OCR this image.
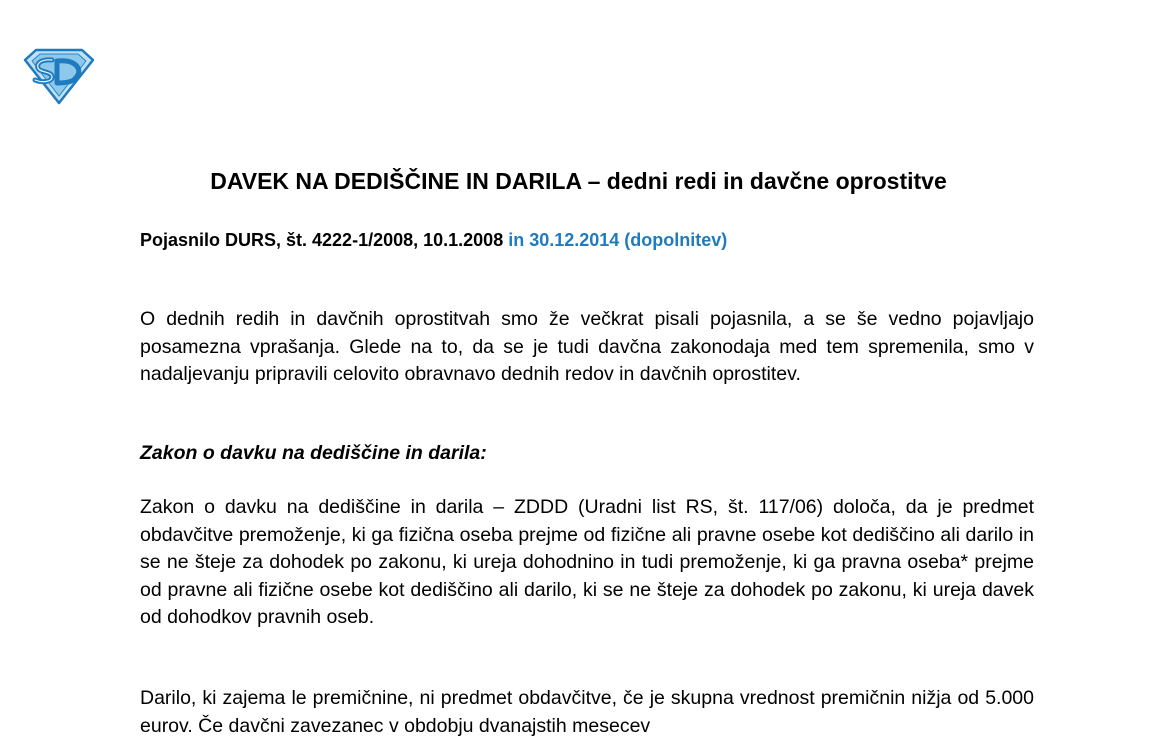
DAVEK NA DEDIŠČINE IN DARILA – dedni redi in davčne oprostitve
Pojasnilo DURS, št. 4222-1/2008, 10.1.2008 in 30.12.2014 (dopolnitev)

O dednih redih in davčnih oprostitvah smo že večkrat pisali pojasnila, a se še vedno pojavljajo posamezna vprašanja. Glede na to, da se je tudi davčna zakonodaja med tem spremenila, smo v nadaljevanju pripravili celovito obravnavo dednih redov in davčnih oprostitev.

Zakon o davku na dediščine in darila:

Zakon o davku na dediščine in darila – ZDDD (Uradni list RS, št. 117/06) določa, da je predmet obdavčitve premoženje, ki ga fizična oseba prejme od fizične ali pravne osebe kot dediščino ali darilo in se ne šteje za dohodek po zakonu, ki ureja dohodnino in tudi premoženje, ki ga pravna oseba* prejme od pravne ali fizične osebe kot dediščino ali darilo, ki se ne šteje za dohodek po zakonu, ki ureja davek od dohodkov pravnih oseb.

Darilo, ki zajema le premičnine, ni predmet obdavčitve, če je skupna vrednost premičnin nižja od 5.000 eurov. Če davčni zavezanec v obdobju dvanajstih mesecev
